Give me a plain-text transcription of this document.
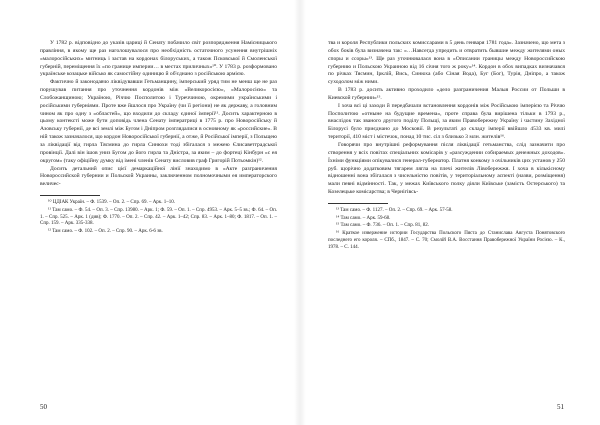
У 1782 р. відповідно до указів цариці й Сенату побачило світ розпорядження Намісницького правління, в якому ще раз наголошувалося про необхідність остаточного усунення внутрішніх «малоросійських» митниць і застав на кордонах білоруських, а також Псковської й Смоленської губерній, переміщення їх «по границе империи… в местах приличных»¹⁰. У 1783 р. розформовано українське козацьке військо як самостійну одиницю й об'єднано з російською армією.

Фактично й законодавчо ліквідувавши Гетьманщину, імперський уряд тим не менш ще не раз порушував питання про уточнення кордонів між «Великоросією», «Малоросією» та Слобожанщиною; Україною, Річчю Посполитою і Туреччиною, окремими українськими і російськими губерніями. Проте вже йшлося про Україну (чи її регіони) не як державу, а головним чином як про одну з «областей», що входили до складу єдиної імперії¹¹. Досить характерною в цьому контексті може бути доповідь члена Сенату імператриці в 1775 р. про Новоросійську й Азовську губернії, де всі землі між Бугом і Дніпром розглядалися в основному як «российские». В ній також зазначалося, що кордон Новоросійської губернії, а отже, й Російської імперії, з Польщею за ліквідації від гирла Тясмина до гирла Синюхи тоді збігалася з межею Єлисаветградської провінції. Далі він ішов униз Бугом до його гирла та Дністра, за яким – до фортеці Кінбурн «с ея округом» (таку офіційну думку від імені членів Сенату висловив граф Григорій Потьомкін)¹².

Досить детальний опис цієї демаркаційної лінії знаходимо в «Акте разграничения Новороссийской губернии и Польской Украины, заключенном полномочными ея императорского величес-

¹⁰ ЦДІАК Україн. – Ф. 1539. – Оп. 2. – Спр. 69. – Арк. 1–10.

¹¹ Там само. – Ф. 54. – Оп. 3. – Спр. 13980. – Арк. 1; Ф. 59. – Оп. 1. – Спр. 4953. – Арк. 5–5 зв.; Ф. 64. – Оп. 1. – Спр. 525. – Арк. 1 (див); Ф. 1770. – Оп. 2. – Спр. 42. – Арк. 1–42; Спр. 83. – Арк. 1–80; Ф. 1817. – Оп. 1. – Спр. 159. – Арк. 335-338.

¹² Там само. – Ф. 102. – Оп. 2. – Спр. 90. – Арк. 6-6 зв.

50

тва и короля Республики польских комиссарами в 5 день генваря 1781 года». Зазначено, що мета з обох боків була визначена так: «…Навсегда упредить и отвратить бывшие между жителями оных споры и ссоры»¹³. Ще раз уточнювалася вона в «Описании границы между Новороссийскою губернию и Польскою Украиною від 16 січня того ж року»¹⁴. Кордон в обох випадках визначався по річках Тясмин, Ірклій, Вись, Синюха (або Сіная Вода), Буг (Бог), Турія, Дніпро, а також суходолом між ними.

В 1783 р. досить активно проходило «дело разграничения Малыя России от Польши в Киевской губернии»¹⁵.

І хоча всі ці заходи й передбачали встановлення кордонів між Російською імперією та Річчю Посполитою «отныне на будущие времена», проте справа була вирішена тільки в 1793 р., внаслідок так званого другого поділу Польщі, за яким Правобережну Україну і частину Західної Білорусі було приєднано до Московії. В результаті до складу імперії ввійшло 4533 кв. милі території, 410 міст і містечок, понад 10 тис. сіл з близько 3 млн. жителів¹⁶.

Говорячи про внутрішні реформування після ліквідації гетьманства, слід зазначити про створення у всіх повітах спеціальних комісарів у «разсуждении собираемых денежных доходов». Їхніми функціями опікувалися генерал-губернатор. Платня конкому з очільників цих установ у 250 руб. щорічно додатковим тягарем лягла на плечі жителів Лівобережжя. І хоча в кількісному відношенні вона збігалася з чисельністю повітів, у територіальному аспекті (назви, розміщення) мали певні відмінності. Так, у межах Київського полку діяли Київське (замість Остерського) та Козелецьке комісарства; в Чернігівсь-

¹³ Там само. – Ф. 1127. – Оп. 2. – Спр. 69. – Арк. 57-58.

¹⁴ Там само. – Арк. 59-68.

¹⁵ Там само. – Ф. 736. – Оп. 1. – Спр. 81, 82.

¹⁶ Краткое извержение истории Государства Польского Пяста до Станислава Августа Понятовского последнего его короля. – СПб., 1847. – С. 70; Смолій В.А. Восстання Правобережної України Росією. – К., 1978. – С. 144.

51
